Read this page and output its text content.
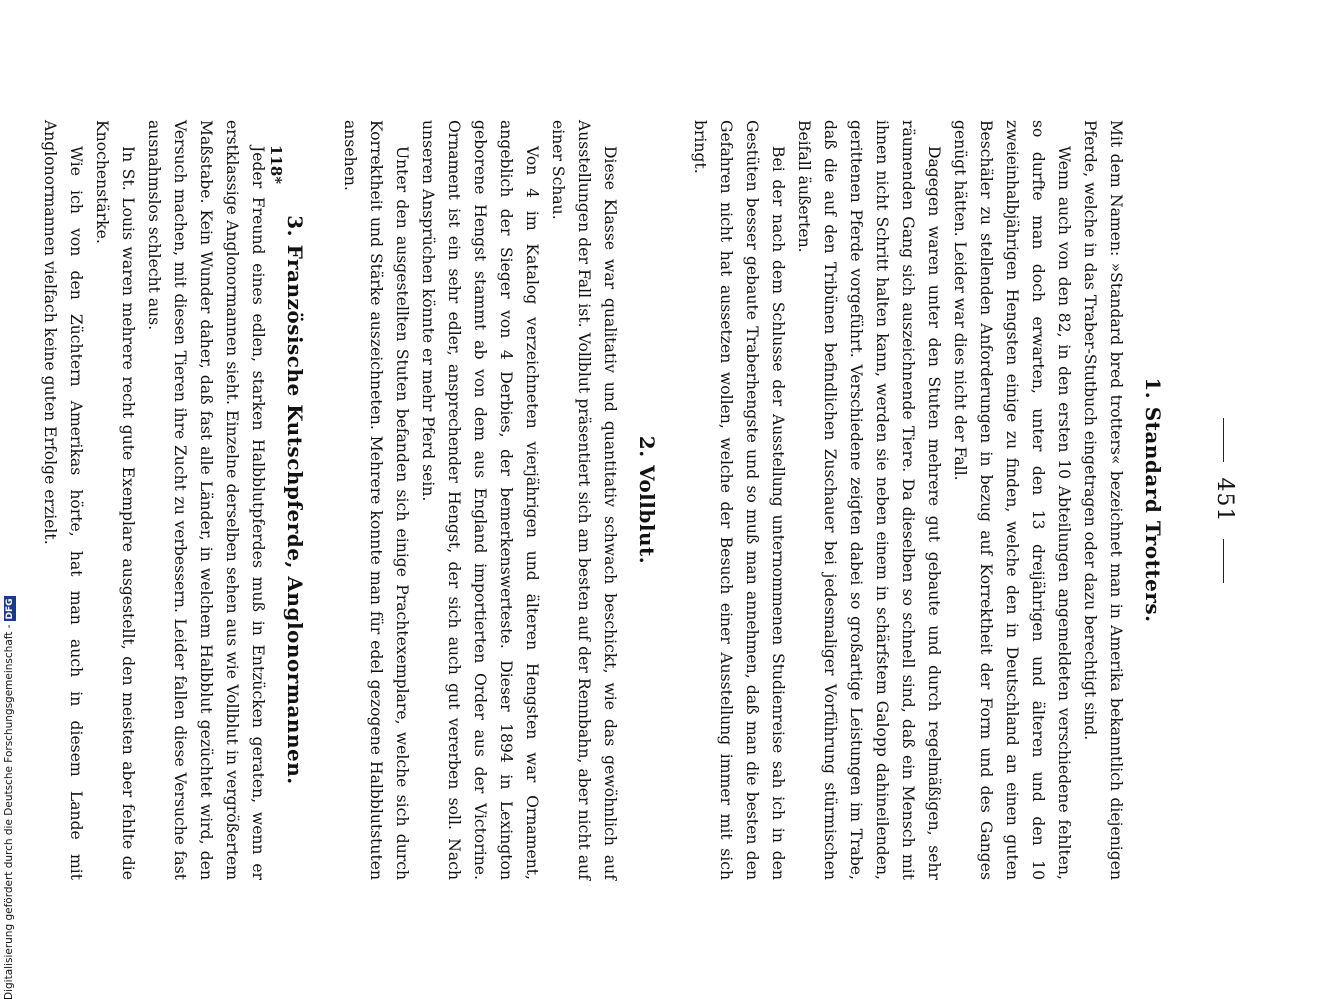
451
1. Standard Trotters.

Mit dem Namen: »Standard bred trotters« bezeichnet man in Amerika bekanntlich diejenigen Pferde, welche in das Traber-Stutbuch eingetragen oder dazu berechtigt sind.

Wenn auch von den 82, in den ersten 10 Abteilungen angemeldeten verschiedene fehlten, so durfte man doch erwarten, unter den 13 dreijährigen und älteren und den 10 zweieinhalbjährigen Hengsten einige zu finden, welche den in Deutschland an einen guten Beschäler zu stellenden Anforderungen in bezug auf Korrektheit der Form und des Ganges genügt hätten. Leider war dies nicht der Fall.

Dagegen waren unter den Stuten mehrere gut gebaute und durch regelmäßigen, sehr räumenden Gang sich auszeichnende Tiere. Da dieselben so schnell sind, daß ein Mensch mit ihnen nicht Schritt halten kann, werden sie neben einem in schärfstem Galopp dahineilenden, gerittenen Pferde vorgeführt. Verschiedene zeigten dabei so großartige Leistungen im Trabe, daß die auf den Tribünen befindlichen Zuschauer bei jedesmaliger Vorführung stürmischen Beifall äußerten.

Bei der nach dem Schlusse der Ausstellung unternommenen Studienreise sah ich in den Gestüten besser gebaute Traberhengste und so muß man annehmen, daß man die besten den Gefahren nicht hat aussetzen wollen, welche der Besuch einer Ausstellung immer mit sich bringt.

2. Vollblut.

Diese Klasse war qualitativ und quantitativ schwach beschickt, wie das gewöhnlich auf Ausstellungen der Fall ist. Vollblut präsentiert sich am besten auf der Rennbahn, aber nicht auf einer Schau.

Von 4 im Katalog verzeichneten vierjährigen und älteren Hengsten war Ornament, angeblich der Sieger von 4 Derbies, der bemerkenswerteste. Dieser 1894 in Lexington geborene Hengst stammt ab von dem aus England importierten Order aus der Victorine. Ornament ist ein sehr edler, ansprechender Hengst, der sich auch gut vererben soll. Nach unseren Ansprüchen könnte er mehr Pferd sein.

Unter den ausgestellten Stuten befanden sich einige Prachtexemplare, welche sich durch Korrektheit und Stärke auszeichneten. Mehrere konnte man für edel gezogene Halbblutstuten ansehen.

3. Französische Kutschpferde, Anglonormannen.

Jeder Freund eines edlen, starken Halbblutpferdes muß in Entzücken geraten, wenn er erstklassige Anglonormannen sieht. Einzelne derselben sehen aus wie Vollblut in vergrößertem Maßstabe. Kein Wunder daher, daß fast alle Länder, in welchem Halbblut gezüchtet wird, den Versuch machen, mit diesen Tieren ihre Zucht zu verbessern. Leider fallen diese Versuche fast ausnahmslos schlecht aus.

In St. Louis waren mehrere recht gute Exemplare ausgestellt, den meisten aber fehlte die Knochenstärke.

Wie ich von den Züchtern Amerikas hörte, hat man auch in diesem Lande mit Anglonormannen vielfach keine guten Erfolge erzielt.	118*
Digitalisierung gefördert durch die Deutsche Forschungsgemeinschaft -DFG
